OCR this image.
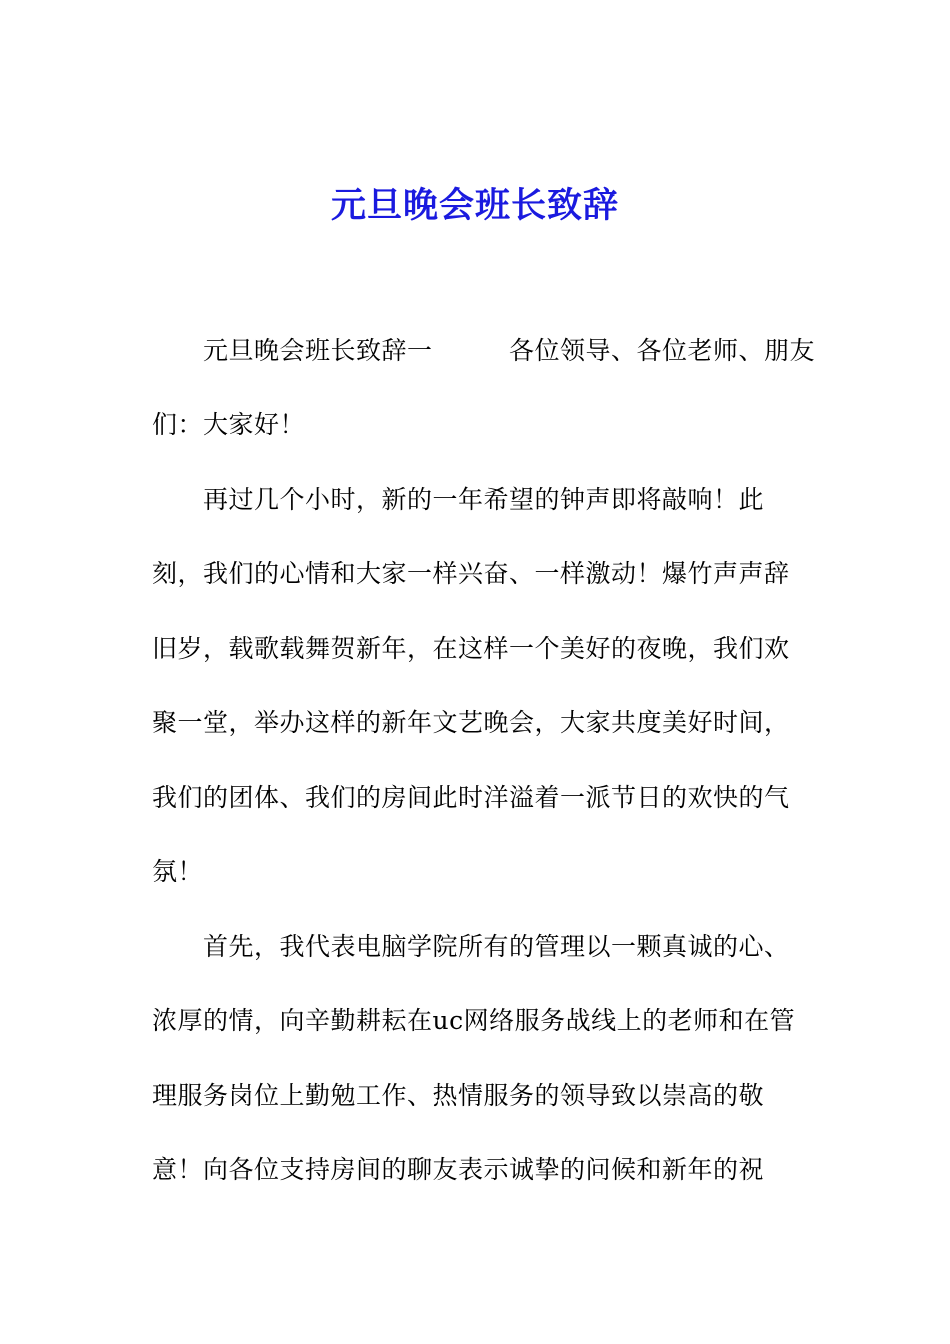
元旦晚会班长致辞
元旦晚会班长致辞一　　　各位领导、各位老师、朋友
们：大家好！
再过几个小时，新的一年希望的钟声即将敲响！此
刻，我们的心情和大家一样兴奋、一样激动！爆竹声声辞
旧岁，载歌载舞贺新年，在这样一个美好的夜晚，我们欢
聚一堂，举办这样的新年文艺晚会，大家共度美好时间，
我们的团体、我们的房间此时洋溢着一派节日的欢快的气
氛！
首先，我代表电脑学院所有的管理以一颗真诚的心、
浓厚的情，向辛勤耕耘在uc网络服务战线上的老师和在管
理服务岗位上勤勉工作、热情服务的领导致以崇高的敬
意！向各位支持房间的聊友表示诚挚的问候和新年的祝
